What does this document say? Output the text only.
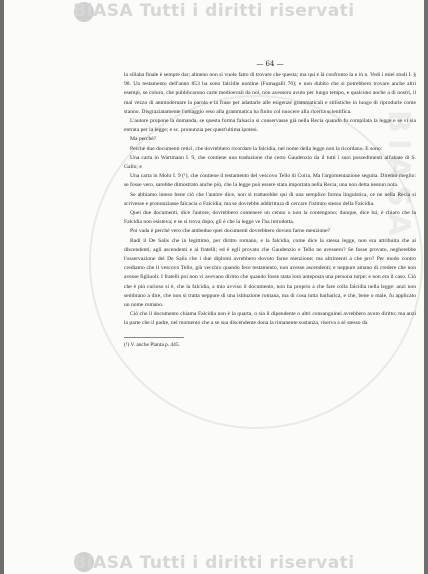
BiASA Tutti i diritti riservati
BIASA
— 64 —

la sillaba finale è sempre dar; almeno non si vuole fatto di trovare che questa; ma qui e là confronto la e in n. Vedi i miei studi I. § 98. Un testamento dell'anno 853 ha sono falcidie nomine (Fumagalli 70); e non dubito che si potrebbero trovare anche altri esempi, se coloro, che pubblicarono carte medioevali da noi, non avessero avuto per lungo tempo, e qualcuno anche a di nostri, il mal vezzo di ammodernare la parola e la frase per adattarle alle esigenze grammaticali e stilistiche in luogo di riprodurle come stanno. Disgraziatamente l'omaggio reso alla grammatica ha finito col nuocere alla ricerca scientifica.

L'autore propone la domanda, se questa forma falsacia si conservasse già nella Recia quando fu compilata la legge e se vi sia entrata per la legge; e sc. pronunzia per quest'ultima ipotesi.

Ma perchè?

Perchè due documenti retici, che dovrebbero ricordare la falcidia, nel nome della legge non la ricordano. E sono:

Una carta in Wartmann I. 9, che contiene una traduzione che certo Gaudenzio da il tutti i suoi possedimenti all'abate di S. Gallo; e

Una carta in Mohr I. 9 (¹), che contiene il testamento del vescovo Tello di Coira. Ma l'argomentazione seguita. Diremo meglio: se fosse vero, sarebbe dimostrato anche più, che la legge può essere stata importata nella Recia, una non detta nessun nota.

Se abbiamo inteso bene ciò che l'autore dice, non si trattarebbe qui di una semplice forma linguistica, ce ne nella Recia si scrivesse e pronunziasse falcacia o Falcidia; ma se dovrebbe addirittura di cercare l'istituto stesso della Falcidia.

Quei due documenti, dice l'autore, dovrebbero contenere un cenno o non la contengono; dunque, dice lui, è chiaro che la Falcidia non esisteva; e se si trova dopo, gli è che la legge ve l'ha introdotta.

Poi vada è perchè vero che ambedue quei documenti dovrebbero dovuto farne menzione?

Badi il De Salis che in legittimo, per diritto romano, e la falcidia, come dice la stessa legge, non era attribuita che ai discendenti, agli ascendenti e ai fratelli; ed è egli provato che Gaudenzio e Tello ne avessero? Se fosse provato, negherebbe l'osservazione del De Salis che i due diplomi avrebbero dovuto farne menzione; ma altrimenti a che pro? Per modo contro crediamo che il vescovo Tello, già vecchio quando fece testamento, non avesse ascendenti; e neppure amano di credere che non avesse figliuoli. I fratelli poi non vi avevano diritto che quando fosse stata loro anteposta una persona turpe; e non era il caso. Ciò che è più curioso si è, che la falcidia, a mio avviso il documento, non ha proprio a che fare colla falcidia nella legge: anzi non sembrano a dire, che non si tratta neppure di una istituzione romana, ma di cosa tutta barbarica, e che, bene o male, fu applicato un nome romano.

Ciò che il documento chiama Falcidia non è la quarta, o sia il dipendente o altri consanguinei avrebbero avuto diritto; ma anzi la parte che il padre, nel momento che a se sua discendente dona la rimanente sostanza, riserva a sé stesso da

(¹) V. anche Planta p. 445.
BiASA Tutti i diritti riservati
